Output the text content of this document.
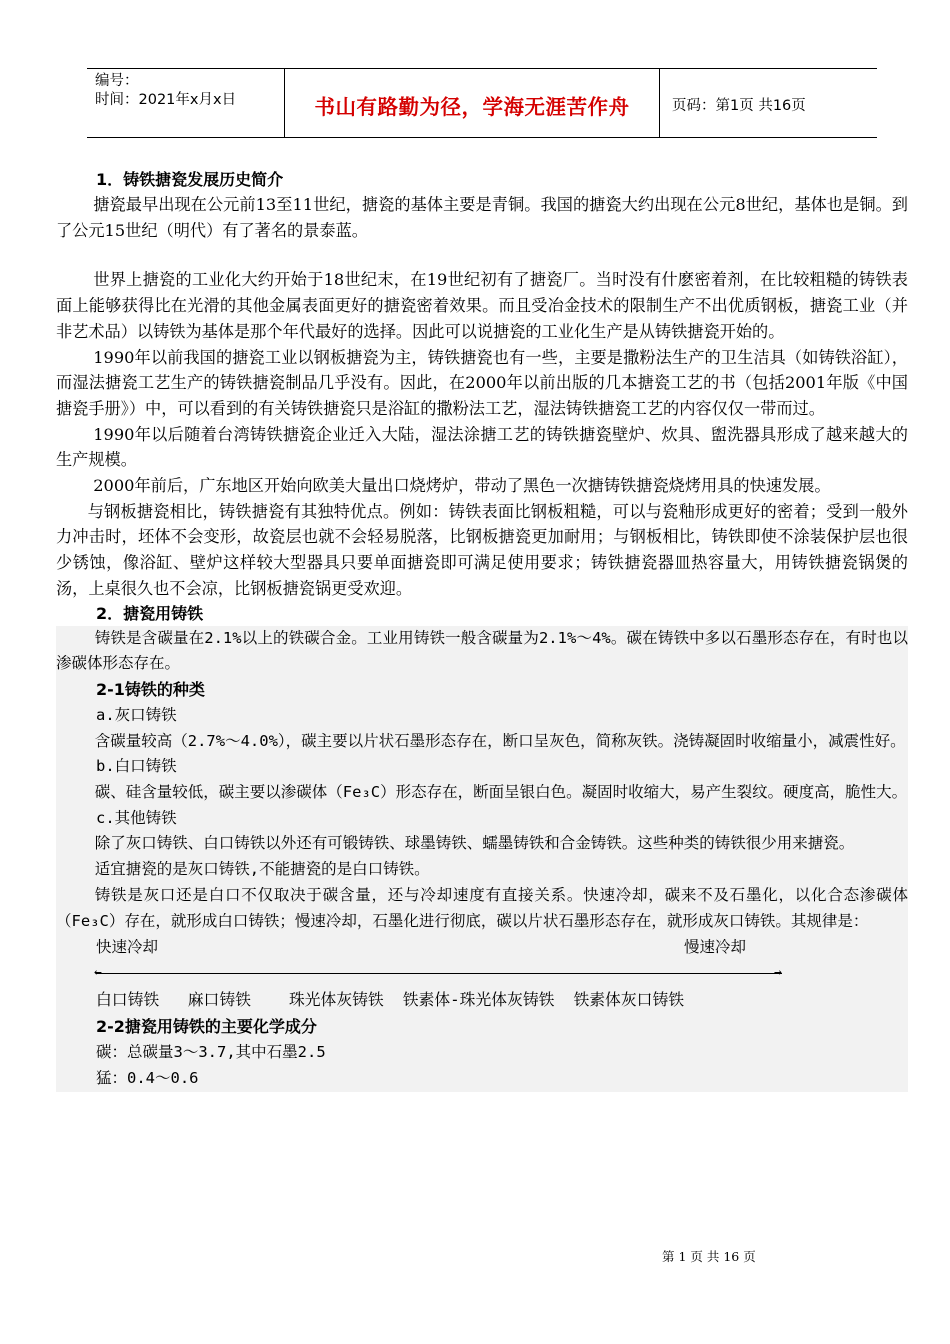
编号：
时间：2021年x月x日	书山有路勤为径，学海无涯苦作舟	页码：第1页 共16页
1．铸铁搪瓷发展历史简介

搪瓷最早出现在公元前13至11世纪，搪瓷的基体主要是青铜。我国的搪瓷大约出现在公元8世纪，基体也是铜。到了公元15世纪（明代）有了著名的景泰蓝。

世界上搪瓷的工业化大约开始于18世纪末，在19世纪初有了搪瓷厂。当时没有什麽密着剂，在比较粗糙的铸铁表面上能够获得比在光滑的其他金属表面更好的搪瓷密着效果。而且受冶金技术的限制生产不出优质钢板，搪瓷工业（并非艺术品）以铸铁为基体是那个年代最好的选择。因此可以说搪瓷的工业化生产是从铸铁搪瓷开始的。

1990年以前我国的搪瓷工业以钢板搪瓷为主，铸铁搪瓷也有一些，主要是撒粉法生产的卫生洁具（如铸铁浴缸），而湿法搪瓷工艺生产的铸铁搪瓷制品几乎没有。因此，在2000年以前出版的几本搪瓷工艺的书（包括2001年版《中国搪瓷手册》）中，可以看到的有关铸铁搪瓷只是浴缸的撒粉法工艺，湿法铸铁搪瓷工艺的内容仅仅一带而过。

1990年以后随着台湾铸铁搪瓷企业迁入大陆，湿法涂搪工艺的铸铁搪瓷壁炉、炊具、盥洗器具形成了越来越大的生产规模。

2000年前后，广东地区开始向欧美大量出口烧烤炉，带动了黑色一次搪铸铁搪瓷烧烤用具的快速发展。

与钢板搪瓷相比，铸铁搪瓷有其独特优点。例如：铸铁表面比钢板粗糙，可以与瓷釉形成更好的密着；受到一般外力冲击时，坯体不会变形，故瓷层也就不会轻易脱落，比钢板搪瓷更加耐用；与钢板相比，铸铁即使不涂装保护层也很少锈蚀，像浴缸、壁炉这样较大型器具只要单面搪瓷即可满足使用要求；铸铁搪瓷器皿热容量大，用铸铁搪瓷锅煲的汤，上桌很久也不会凉，比钢板搪瓷锅更受欢迎。

2．搪瓷用铸铁

铸铁是含碳量在2.1%以上的铁碳合金。工业用铸铁一般含碳量为2.1%～4%。碳在铸铁中多以石墨形态存在，有时也以渗碳体形态存在。

2-1铸铁的种类
a.灰口铸铁

含碳量较高（2.7%～4.0%），碳主要以片状石墨形态存在，断口呈灰色，简称灰铁。浇铸凝固时收缩量小，减震性好。

b.白口铸铁

碳、硅含量较低，碳主要以渗碳体（Fe₃C）形态存在，断面呈银白色。凝固时收缩大，易产生裂纹。硬度高，脆性大。

c.其他铸铁

除了灰口铸铁、白口铸铁以外还有可锻铸铁、球墨铸铁、蠕墨铸铁和合金铸铁。这些种类的铸铁很少用来搪瓷。

适宜搪瓷的是灰口铸铁,不能搪瓷的是白口铸铁。

铸铁是灰口还是白口不仅取决于碳含量，还与冷却速度有直接关系。快速冷却，碳来不及石墨化，以化合态渗碳体（Fe₃C）存在，就形成白口铸铁；慢速冷却，石墨化进行彻底，碳以片状石墨形态存在，就形成灰口铸铁。其规律是：

快速冷却	慢速冷却
←	→
白口铸铁   麻口铸铁    珠光体灰铸铁  铁素体-珠光体灰铸铁  铁素体灰口铸铁
2-2搪瓷用铸铁的主要化学成分
碳：总碳量3～3.7,其中石墨2.5
猛：0.4～0.6
第 1 页 共 16 页
